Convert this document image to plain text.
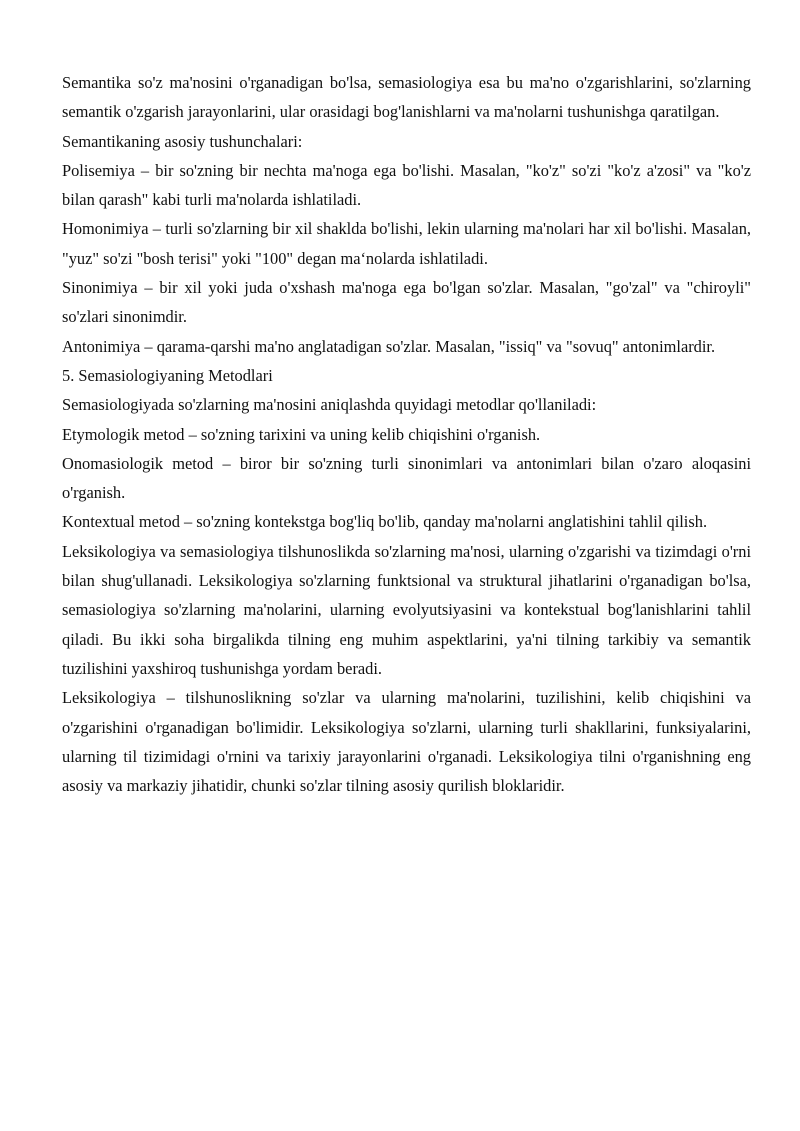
Semantika so'z ma'nosini o'rganadigan bo'lsa, semasiologiya esa bu ma'no o'zgarishlarini, so'zlarning semantik o'zgarish jarayonlarini, ular orasidagi bog'lanishlarni va ma'nolarni tushunishga qaratilgan.

Semantikaning asosiy tushunchalari:

Polisemiya – bir so'zning bir nechta ma'noga ega bo'lishi. Masalan, "ko'z" so'zi "ko'z a'zosi" va "ko'z bilan qarash" kabi turli ma'nolarda ishlatiladi.

Homonimiya – turli so'zlarning bir xil shaklda bo'lishi, lekin ularning ma'nolari har xil bo'lishi. Masalan, "yuz" so'zi "bosh terisi" yoki "100" degan maʻnolarda ishlatiladi.

Sinonimiya – bir xil yoki juda o'xshash ma'noga ega bo'lgan so'zlar. Masalan, "go'zal" va "chiroyli" so'zlari sinonimdir.

Antonimiya – qarama-qarshi ma'no anglatadigan so'zlar. Masalan, "issiq" va "sovuq" antonimlardir.

5. Semasiologiyaning Metodlari

Semasiologiyada so'zlarning ma'nosini aniqlashda quyidagi metodlar qo'llaniladi:

Etymologik metod – so'zning tarixini va uning kelib chiqishini o'rganish.

Onomasiologik metod – biror bir so'zning turli sinonimlari va antonimlari bilan o'zaro aloqasini o'rganish.

Kontextual metod – so'zning kontekstga bog'liq bo'lib, qanday ma'nolarni anglatishini tahlil qilish.

Leksikologiya va semasiologiya tilshunoslikda so'zlarning ma'nosi, ularning o'zgarishi va tizimdagi o'rni bilan shug'ullanadi. Leksikologiya so'zlarning funktsional va struktural jihatlarini o'rganadigan bo'lsa, semasiologiya so'zlarning ma'nolarini, ularning evolyutsiyasini va kontekstual bog'lanishlarini tahlil qiladi. Bu ikki soha birgalikda tilning eng muhim aspektlarini, ya'ni tilning tarkibiy va semantik tuzilishini yaxshiroq tushunishga yordam beradi.

Leksikologiya – tilshunoslikning so'zlar va ularning ma'nolarini, tuzilishini, kelib chiqishini va o'zgarishini o'rganadigan bo'limidir. Leksikologiya so'zlarni, ularning turli shakllarini, funksiyalarini, ularning til tizimidagi o'rnini va tarixiy jarayonlarini o'rganadi. Leksikologiya tilni o'rganishning eng asosiy va markaziy jihatidir, chunki so'zlar tilning asosiy qurilish bloklaridir.
